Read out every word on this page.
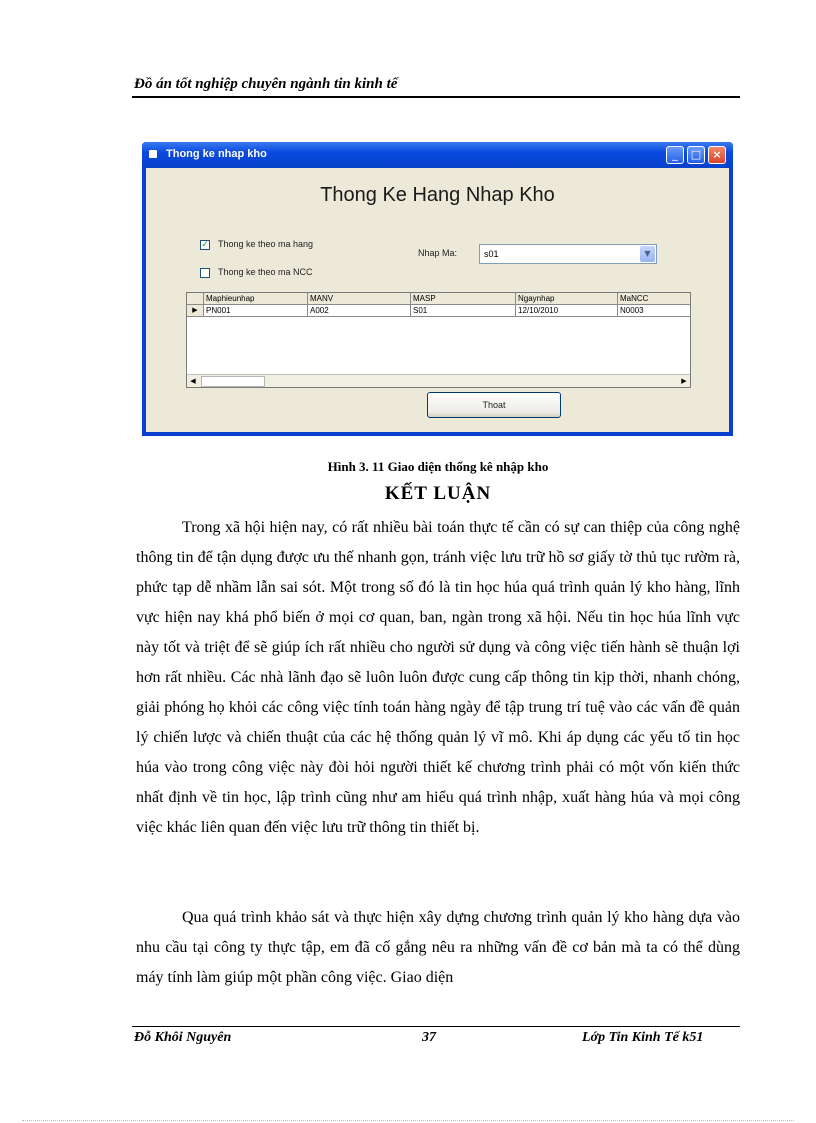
Đồ án tốt nghiệp chuyên ngành tin kinh tế
Thong ke nhap kho	_	□	×
Thong Ke Hang Nhap Kho
✓ Thong ke theo ma hang
Thong ke theo ma NCC
Nhap Ma:	s01	▼
Maphieunhap	MANV	MASP	Ngaynhap	MaNCC
▶	PN001	A002	S01	12/10/2010	N0003
◀	▶
Thoat
Hình 3. 11 Giao diện thống kê nhập kho
KẾT LUẬN

Trong xã hội hiện nay, có rất nhiều bài toán thực tế cần có sự can thiệp của công nghệ thông tin để tận dụng được ưu thế nhanh gọn, tránh việc lưu trữ hồ sơ giấy tờ thủ tục rườm rà, phức tạp dễ nhầm lẫn sai sót. Một trong số đó là tin học húa quá trình quản lý kho hàng, lĩnh vực hiện nay khá phổ biến ở mọi cơ quan, ban, ngàn trong xã hội. Nếu tin học húa lĩnh vực này tốt và triệt để sẽ giúp ích rất nhiều cho người sử dụng và công việc tiến hành sẽ thuận lợi hơn rất nhiều. Các nhà lãnh đạo sẽ luôn luôn được cung cấp thông tin kịp thời, nhanh chóng, giải phóng họ khỏi các công việc tính toán hàng ngày để tập trung trí tuệ vào các vấn đề quản lý chiến lược và chiến thuật của các hệ thống quản lý vĩ mô. Khi áp dụng các yếu tố tin học húa vào trong công việc này đòi hỏi người thiết kế chương trình phải có một vốn kiến thức nhất định về tin học, lập trình cũng như am hiểu quá trình nhập, xuất hàng húa và mọi công việc khác liên quan đến việc lưu trữ thông tin thiết bị.

Qua quá trình khảo sát và thực hiện xây dựng chương trình quản lý kho hàng dựa vào nhu cầu tại công ty thực tập, em đã cố gắng nêu ra những vấn đề cơ bản mà ta có thể dùng máy tính làm giúp một phần công việc. Giao diện

Đỗ Khôi Nguyên	37	Lớp Tin Kinh Tế k51
